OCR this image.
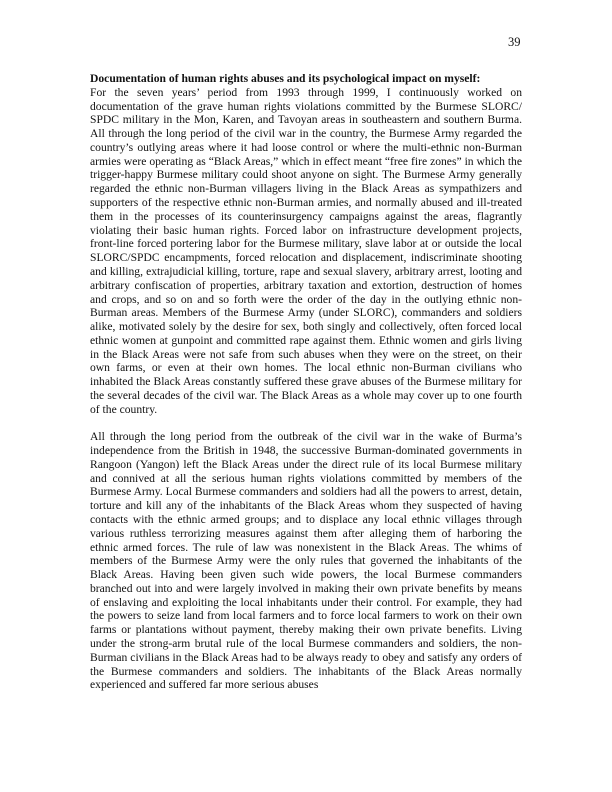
39

Documentation of human rights abuses and its psychological impact on myself:

For the seven years’ period from 1993 through 1999, I continuously worked on documentation of the grave human rights violations committed by the Burmese SLORC/ SPDC military in the Mon, Karen, and Tavoyan areas in southeastern and southern Burma. All through the long period of the civil war in the country, the Burmese Army regarded the country’s outlying areas where it had loose control or where the multi-ethnic non-Burman armies were operating as “Black Areas,” which in effect meant “free fire zones” in which the trigger-happy Burmese military could shoot anyone on sight. The Burmese Army generally regarded the ethnic non-Burman villagers living in the Black Areas as sympathizers and supporters of the respective ethnic non-Burman armies, and normally abused and ill-treated them in the processes of its counterinsurgency campaigns against the areas, flagrantly violating their basic human rights. Forced labor on infrastructure development projects, front-line forced portering labor for the Burmese military, slave labor at or outside the local SLORC/SPDC encampments, forced relocation and displacement, indiscriminate shooting and killing, extrajudicial killing, torture, rape and sexual slavery, arbitrary arrest, looting and arbitrary confiscation of properties, arbitrary taxation and extortion, destruction of homes and crops, and so on and so forth were the order of the day in the outlying ethnic non-Burman areas. Members of the Burmese Army (under SLORC), commanders and soldiers alike, motivated solely by the desire for sex, both singly and collectively, often forced local ethnic women at gunpoint and committed rape against them. Ethnic women and girls living in the Black Areas were not safe from such abuses when they were on the street, on their own farms, or even at their own homes. The local ethnic non-Burman civilians who inhabited the Black Areas constantly suffered these grave abuses of the Burmese military for the several decades of the civil war. The Black Areas as a whole may cover up to one fourth of the country.

All through the long period from the outbreak of the civil war in the wake of Burma’s independence from the British in 1948, the successive Burman-dominated governments in Rangoon (Yangon) left the Black Areas under the direct rule of its local Burmese military and connived at all the serious human rights violations committed by members of the Burmese Army. Local Burmese commanders and soldiers had all the powers to arrest, detain, torture and kill any of the inhabitants of the Black Areas whom they suspected of having contacts with the ethnic armed groups; and to displace any local ethnic villages through various ruthless terrorizing measures against them after alleging them of harboring the ethnic armed forces. The rule of law was nonexistent in the Black Areas. The whims of members of the Burmese Army were the only rules that governed the inhabitants of the Black Areas. Having been given such wide powers, the local Burmese commanders branched out into and were largely involved in making their own private benefits by means of enslaving and exploiting the local inhabitants under their control. For example, they had the powers to seize land from local farmers and to force local farmers to work on their own farms or plantations without payment, thereby making their own private benefits. Living under the strong-arm brutal rule of the local Burmese commanders and soldiers, the non-Burman civilians in the Black Areas had to be always ready to obey and satisfy any orders of the Burmese commanders and soldiers. The inhabitants of the Black Areas normally experienced and suffered far more serious abuses
